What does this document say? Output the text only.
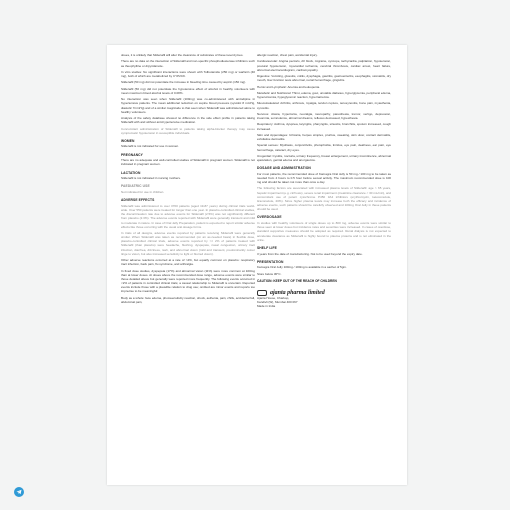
doses, it is unlikely that Sildenafil will alter the clearance of substrates of these isoenzymes.

There are no data on the interaction of Sildenafil and non-specific phosphodiesterase inhibitors such as theophylline or dipyridamole.

In vitro studies: No significant interactions were shown with Tolbutamide (250 mg) or warfarin (40 mg), both of which are metabolized by CYP2C9.

Sildenafil (50 mg) did not potentiate the increase in bleeding time caused by aspirin (150 mg).

Sildenafil (50 mg) did not potentiate the hypotensive effect of alcohol in healthy volunteers with mean maximum blood alcohol levels of 0.08%.

No interaction was seen when Sildenafil (100mg) was co-administered with amlodipine in hypertensive patients. The mean additional reduction on supine blood pressure (systolic 8 mmHg, diastolic 7mmHg) and of a similar magnitude to that seen when Sildenafil was administered alone to healthy volunteers.

Analysis of the safety database showed no difference in the side effect profile in patients taking Sildenafil with and without anti-hypertensive medication.

Concomitant administration of Sildenafil to patients taking alpha-blocker therapy may cause symptomatic hypotension in susceptible individuals.

WOMEN

Sildenafil is not indicated for use in women.

PREGNANCY

There are no adequate and well-controlled studies of Sildenafil in pregnant women. Sildenafil is not indicated in pregnant women.

LACTATION

Sildenafil is not indicated in nursing mothers.

PAEDIATRIC USE

Not indicated for use in children.

ADVERSE EFFECTS

Sildenafil was administered to over 3700 patients (aged 19-87 years) during clinical trials world-wide. Over 550 patients were treated for longer than one year. In placebo-controlled clinical studies, the discontinuation rate due to adverse events for Sildenafil (2.5%) was not significantly different from placebo (2.3%). The adverse events reported with Sildenafil were generally transient and mild to moderate in nature. In case of Oral Jelly Preparation, patient is expected to report similar adverse effects like those occurring with the usual oral dosage forms.

In trials of all designs, adverse events reported by patients receiving Sildenafil were generally similar. When Sildenafil was taken as recommended (on an as-needed basis) in flexible dose, placebo-controlled clinical trials, adverse events reported by >= 2% of patients treated with Sildenafil (than placebo) were headache, flushing, dyspepsia, nasal congestion, urinary tract infection, diarrhea, dizziness, rash, and abnormal vision (mild and transient, predominantly colour tinge to vision, but also increased sensitivity to light or blurred vision).

Other adverse reactions occurred at a rate of >2%, but equally common on placebo: respiratory tract infection, back pain, flu syndrome, and arthralgia.

In fixed dose studies, dyspepsia (17%) and abnormal vision (11%) were more common at 100mg than at lower doses. At doses above the recommended dose range, adverse events were similar to those detailed above but generally were reported more frequently. The following events occurred in <2% of patients in controlled clinical trials; a causal relationship to Sildenafil is uncertain. Reported events include those with a plausible relation to drug use; omitted are minor events and reports too imprecise to be meaningful:

Body as a whole: face edema, photosensitivity reaction, shock, asthenia, pain, chills, accidental fall, abdominal pain,

allergic reaction, chest pain, accidental injury.

Cardiovascular: Angina pectoris, AV block, migraine, syncope, tachycardia, palpitation, hypotension, postural hypotension, myocardial ischemia, cerebral thrombosis, cardiac arrest, heart failure, abnormal electrocardiogram, cardiomyopathy.

Digestive: Vomiting, glossitis, colitis, dysphagia, gastritis, gastroenteritis, esophagitis, stomatitis, dry mouth, liver function tests abnormal, rectal hemorrhage, gingivitis.

Hemic and Lymphatic: Anemia and leukopenia.

Metabolic and Nutritional: Thirst, edema, gout, unstable diabetes, hyperglycemia, peripheral edema, hyperuricemia, hypoglycemic reaction, hypernatremia.

Musculoskeletal: Arthritis, arthrosis, myalgia, tendon rupture, tenosynovitis, bone pain, myasthenia, synovitis.

Nervous: Ataxia, hypertonia, neuralgia, neuropathy, paresthesia, tremor, vertigo, depression, insomnia, somnolence, abnormal dreams, reflexes decreased, hypesthesia.

Respiratory: Asthma, dyspnea, laryngitis, pharyngitis, sinusitis, bronchitis, sputum increased, cough increased.

Skin and Appendages: Urticaria, herpes simplex, pruritus, sweating, skin ulcer, contact dermatitis, exfoliative dermatitis.

Special senses: Mydriasis, conjunctivitis, photophobia, tinnitus, eye pain, deafness, ear pain, eye hemorrhage, cataract, dry eyes.

Urogenital: Cystitis, nocturia, urinary frequency, breast enlargement, urinary incontinence, abnormal ejaculation, genital edema and anorgasmia.

DOSAGE AND ADMINISTRATION

For most patients, the recommended dose of Kamagra Oral Jelly is 50 mg / 100 mg to be taken as needed from 4 hours to 0.5 hour before sexual activity. The maximum recommended dose is 100 mg and should be taken not more than once a day.

The following factors are associated with increased plasma levels of Sildenafil: age > 65 years, hepatic impairment (e.g. cirrhosis), severe renal impairment (creatinine clearance < 30 mL/min), and concomitant use of potent cytochrome P450 3A4 inhibitors (erythromycin, ketoconazole, itraconazole, 20%). Since higher plasma levels may increase both the efficacy and incidence of adverse events, such patients should be carefully observed and 100mg Oral Jelly in these patients should be used.

OVERDOSAGE

In studies with healthy volunteers of single doses up to 800 mg, adverse events were similar to those seen at lower doses but incidence rates and severities were increased. In cases of overdose, standard supportive measures should be adopted as required. Renal dialysis is not expected to accelerate clearance as Sildenafil is highly bound to plasma proteins and is not eliminated in the urine.

SHELF LIFE

3 years from the date of manufacturing. Not to be used beyond the expiry date.

PRESENTATION

Kamagra Oral Jelly 100mg / 100mg is available in a sachet of 5gm.

Store below 30°C.

CAUTION: KEEP OUT OF THE REACH OF CHILDREN
ajanta pharma limited

Ajanta House, Charkop,

Kandivli (W), Mumbai 400 067

Made in India
